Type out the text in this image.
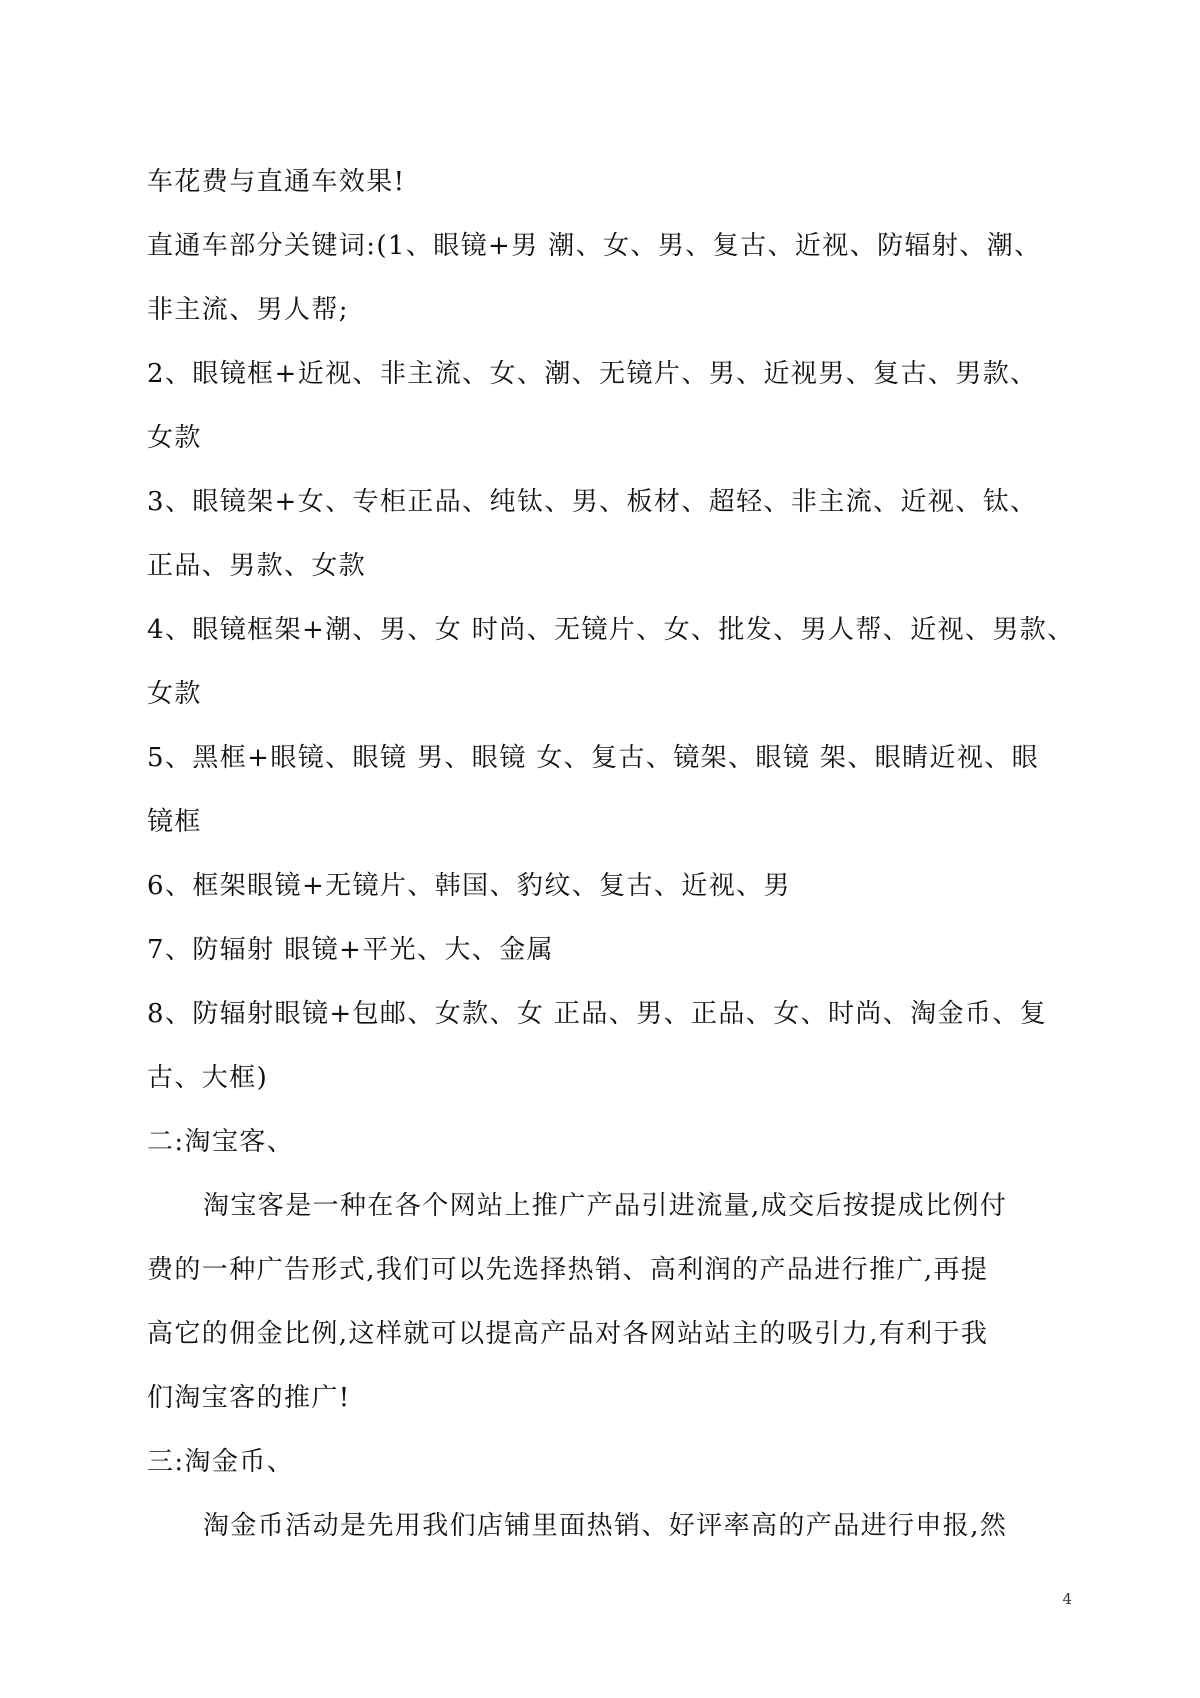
车花费与直通车效果!
直通车部分关键词:(1、眼镜+男 潮、女、男、复古、近视、防辐射、潮、
非主流、男人帮;
2、眼镜框+近视、非主流、女、潮、无镜片、男、近视男、复古、男款、
女款
3、眼镜架+女、专柜正品、纯钛、男、板材、超轻、非主流、近视、钛、
正品、男款、女款
4、眼镜框架+潮、男、女 时尚、无镜片、女、批发、男人帮、近视、男款、
女款
5、黑框+眼镜、眼镜 男、眼镜 女、复古、镜架、眼镜 架、眼睛近视、眼
镜框
6、框架眼镜+无镜片、韩国、豹纹、复古、近视、男
7、防辐射 眼镜+平光、大、金属
8、防辐射眼镜+包邮、女款、女 正品、男、正品、女、时尚、淘金币、复
古、大框)
二:淘宝客、
淘宝客是一种在各个网站上推广产品引进流量,成交后按提成比例付
费的一种广告形式,我们可以先选择热销、高利润的产品进行推广,再提
高它的佣金比例,这样就可以提高产品对各网站站主的吸引力,有利于我
们淘宝客的推广!
三:淘金币、
淘金币活动是先用我们店铺里面热销、好评率高的产品进行申报,然
4
